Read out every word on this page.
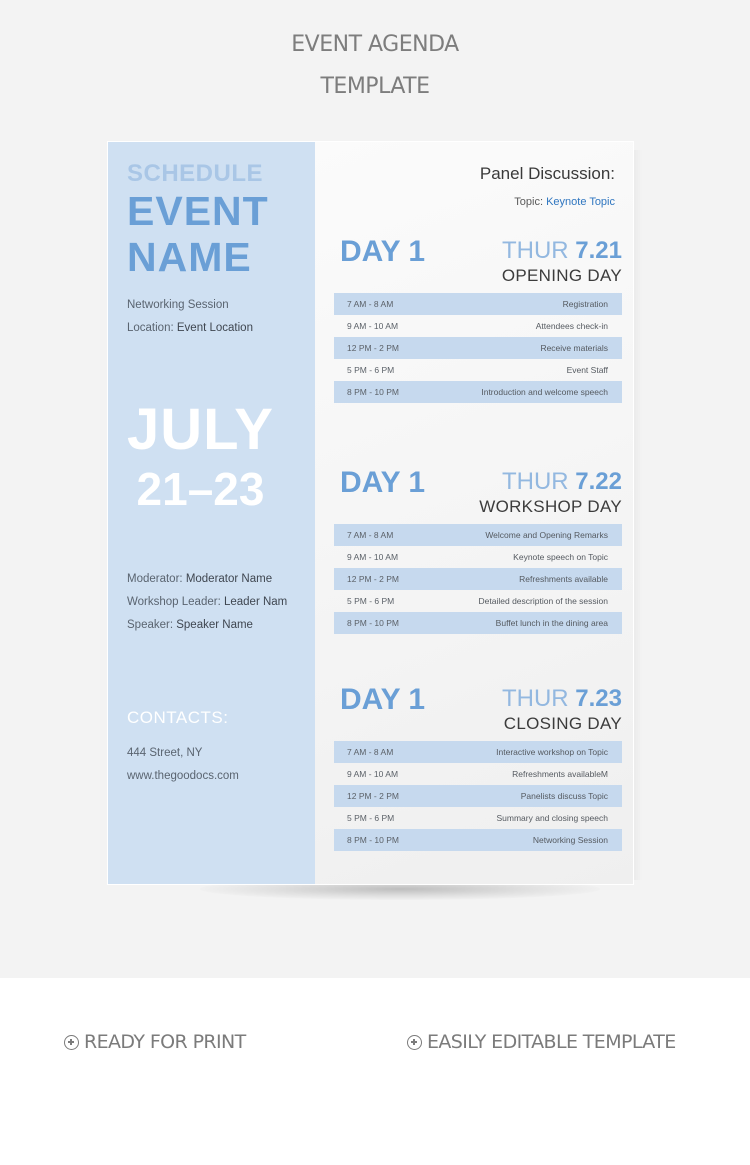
EVENT AGENDA
TEMPLATE
SCHEDULE
EVENT
NAME
Networking Session
Location: Event Location
JULY
21–23
Moderator: Moderator Name
Workshop Leader: Leader Nam
Speaker: Speaker Name
CONTACTS:
444 Street, NY
www.thegoodocs.com
Panel Discussion:
Topic: Keynote Topic
DAY 1	THUR 7.21
OPENING DAY
7 AM - 8 AM	Registration
9 AM - 10 AM	Attendees check-in
12 PM - 2 PM	Receive materials
5 PM - 6 PM	Event Staff
8 PM - 10 PM	Introduction and welcome speech
DAY 1	THUR 7.22
WORKSHOP DAY
7 AM - 8 AM	Welcome and Opening Remarks
9 AM - 10 AM	Keynote speech on Topic
12 PM - 2 PM	Refreshments available
5 PM - 6 PM	Detailed description of the session
8 PM - 10 PM	Buffet lunch in the dining area
DAY 1	THUR 7.23
CLOSING DAY
7 AM - 8 AM	Interactive workshop on Topic
9 AM - 10 AM	Refreshments availableM
12 PM - 2 PM	Panelists discuss Topic
5 PM - 6 PM	Summary and closing speech
8 PM - 10 PM	Networking Session
READY FOR PRINT	EASILY EDITABLE TEMPLATE
